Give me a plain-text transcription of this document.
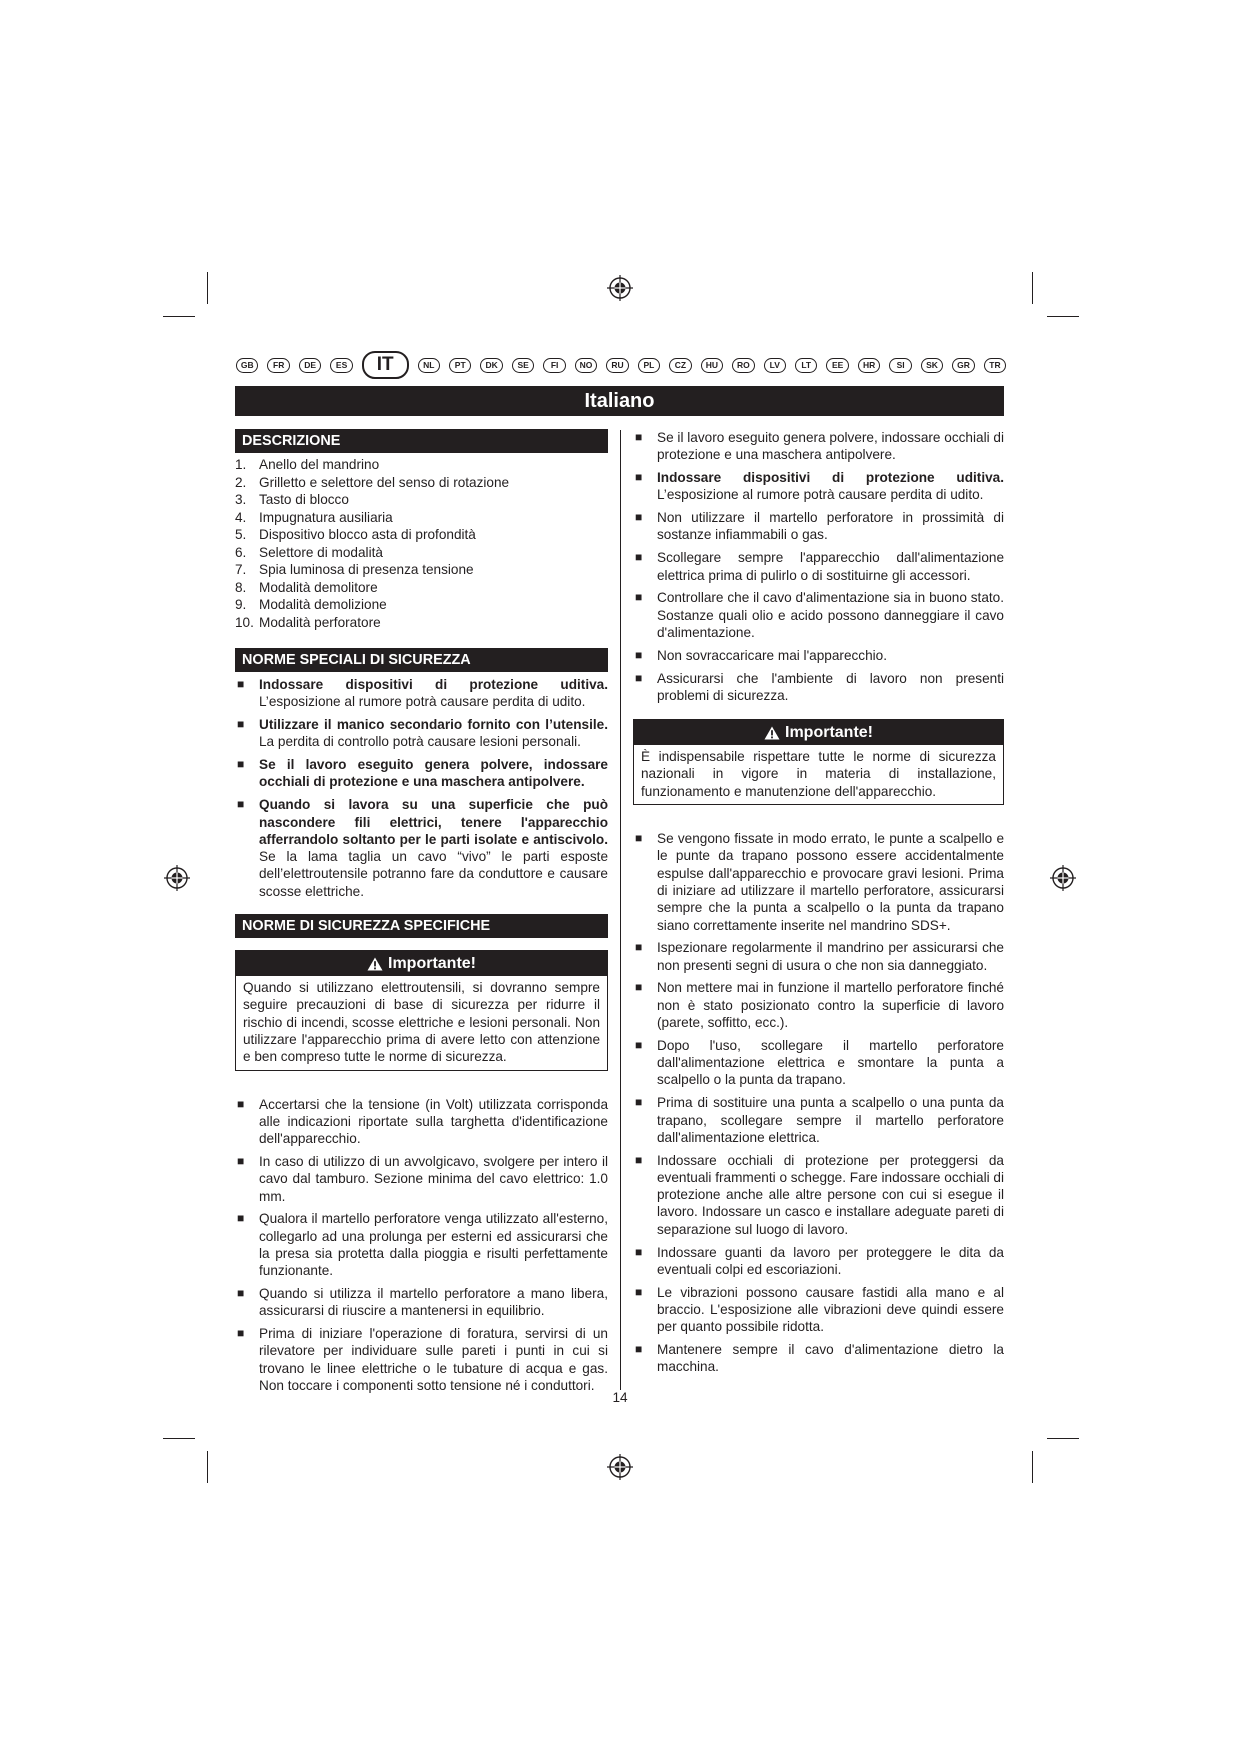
GB	FR	DE	ES	IT	NL	PT	DK	SE	FI	NO	RU	PL	CZ	HU	RO	LV	LT	EE	HR	SI	SK	GR	TR
Italiano
DESCRIZIONE
1. Anello del mandrino
2. Grilletto e selettore del senso di rotazione
3. Tasto di blocco
4. Impugnatura ausiliaria
5. Dispositivo blocco asta di profondità
6. Selettore di modalità
7. Spia luminosa di presenza tensione
8. Modalità demolitore
9. Modalità demolizione
10. Modalità perforatore
NORME SPECIALI DI SICUREZZA
■	Indossare dispositivi di protezione uditiva. L’esposizione al rumore potrà causare perdita di udito.
■	Utilizzare il manico secondario fornito con l’utensile. La perdita di controllo potrà causare lesioni personali.
■	Se il lavoro eseguito genera polvere, indossare occhiali di protezione e una maschera antipolvere.
■	Quando si lavora su una superficie che può nascondere fili elettrici, tenere l'apparecchio afferrandolo soltanto per le parti isolate e antiscivolo. Se la lama taglia un cavo “vivo” le parti esposte dell’elettroutensile potranno fare da conduttore e causare scosse elettriche.
NORME DI SICUREZZA SPECIFICHE
Importante!
Quando si utilizzano elettroutensili, si dovranno sempre seguire precauzioni di base di sicurezza per ridurre il rischio di incendi, scosse elettriche e lesioni personali. Non utilizzare l'apparecchio prima di avere letto con attenzione e ben compreso tutte le norme di sicurezza.
■	Accertarsi che la tensione (in Volt) utilizzata corrisponda alle indicazioni riportate sulla targhetta d'identificazione dell'apparecchio.
■	In caso di utilizzo di un avvolgicavo, svolgere per intero il cavo dal tamburo. Sezione minima del cavo elettrico: 1.0 mm.
■	Qualora il martello perforatore venga utilizzato all'esterno, collegarlo ad una prolunga per esterni ed assicurarsi che la presa sia protetta dalla pioggia e risulti perfettamente funzionante.
■	Quando si utilizza il martello perforatore a mano libera, assicurarsi di riuscire a mantenersi in equilibrio.
■	Prima di iniziare l'operazione di foratura, servirsi di un rilevatore per individuare sulle pareti i punti in cui si trovano le linee elettriche o le tubature di acqua e gas. Non toccare i componenti sotto tensione né i conduttori.
■	Se il lavoro eseguito genera polvere, indossare occhiali di protezione e una maschera antipolvere.
■	Indossare dispositivi di protezione uditiva. L’esposizione al rumore potrà causare perdita di udito.
■	Non utilizzare il martello perforatore in prossimità di sostanze infiammabili o gas.
■	Scollegare sempre l'apparecchio dall'alimentazione elettrica prima di pulirlo o di sostituirne gli accessori.
■	Controllare che il cavo d'alimentazione sia in buono stato. Sostanze quali olio e acido possono danneggiare il cavo d'alimentazione.
■	Non sovraccaricare mai l'apparecchio.
■	Assicurarsi che l'ambiente di lavoro non presenti problemi di sicurezza.
Importante!
È indispensabile rispettare tutte le norme di sicurezza nazionali in vigore in materia di installazione, funzionamento e manutenzione dell'apparecchio.
■	Se vengono fissate in modo errato, le punte a scalpello e le punte da trapano possono essere accidentalmente espulse dall'apparecchio e provocare gravi lesioni. Prima di iniziare ad utilizzare il martello perforatore, assicurarsi sempre che la punta a scalpello o la punta da trapano siano correttamente inserite nel mandrino SDS+.
■	Ispezionare regolarmente il mandrino per assicurarsi che non presenti segni di usura o che non sia danneggiato.
■	Non mettere mai in funzione il martello perforatore finché non è stato posizionato contro la superficie di lavoro (parete, soffitto, ecc.).
■	Dopo l'uso, scollegare il martello perforatore dall'alimentazione elettrica e smontare la punta a scalpello o la punta da trapano.
■	Prima di sostituire una punta a scalpello o una punta da trapano, scollegare sempre il martello perforatore dall'alimentazione elettrica.
■	Indossare occhiali di protezione per proteggersi da eventuali frammenti o schegge. Fare indossare occhiali di protezione anche alle altre persone con cui si esegue il lavoro. Indossare un casco e installare adeguate pareti di separazione sul luogo di lavoro.
■	Indossare guanti da lavoro per proteggere le dita da eventuali colpi ed escoriazioni.
■	Le vibrazioni possono causare fastidi alla mano e al braccio. L'esposizione alle vibrazioni deve quindi essere per quanto possibile ridotta.
■	Mantenere sempre il cavo d'alimentazione dietro la macchina.
14
